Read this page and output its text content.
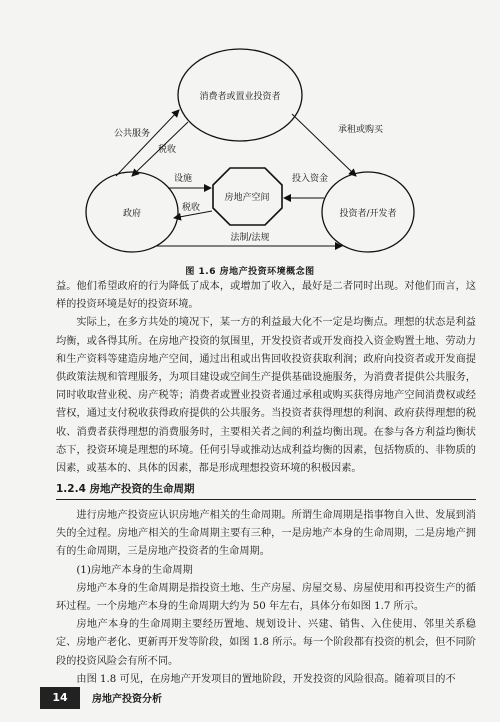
消费者或置业投资者
政府	投资者/开发者
房地产空间
公共服务
税收
承租或购买
设施
税收
投入资金
法制/法规
图 1.6 房地产投资环境概念图

益。他们希望政府的行为降低了成本，或增加了收入，最好是二者同时出现。对他们而言，这样的投资环境是好的投资环境。

实际上，在多方共处的境况下，某一方的利益最大化不一定是均衡点。理想的状态是利益均衡，或各得其所。在房地产投资的氛围里，开发投资者或开发商投入资金购置土地、劳动力和生产资料等建造房地产空间，通过出租或出售回收投资获取利润；政府向投资者或开发商提供政策法规和管理服务，为项目建设或空间生产提供基础设施服务，为消费者提供公共服务，同时收取营业税、房产税等；消费者或置业投资者通过承租或购买获得房地产空间消费权或经营权，通过支付税收获得政府提供的公共服务。当投资者获得理想的利润、政府获得理想的税收、消费者获得理想的消费服务时，主要相关者之间的利益均衡出现。在参与各方利益均衡状态下，投资环境是理想的环境。任何引导或推动达成利益均衡的因素，包括物质的、非物质的因素，或基本的、具体的因素，都是形成理想投资环境的积极因素。

1.2.4 房地产投资的生命周期

进行房地产投资应认识房地产相关的生命周期。所谓生命周期是指事物自入世、发展到消失的全过程。房地产相关的生命周期主要有三种，一是房地产本身的生命周期，二是房地产拥有的生命周期，三是房地产投资者的生命周期。

(1)房地产本身的生命周期

房地产本身的生命周期是指投资土地、生产房屋、房屋交易、房屋使用和再投资生产的循环过程。一个房地产本身的生命周期大约为 50 年左右，具体分布如图 1.7 所示。

房地产本身的生命周期主要经历置地、规划设计、兴建、销售、入住使用、邻里关系稳定、房地产老化、更新再开发等阶段，如图 1.8 所示。每一个阶段都有投资的机会，但不同阶段的投资风险会有所不同。

由图 1.8 可见，在房地产开发项目的置地阶段，开发投资的风险很高。随着项目的不

14	房地产投资分析
